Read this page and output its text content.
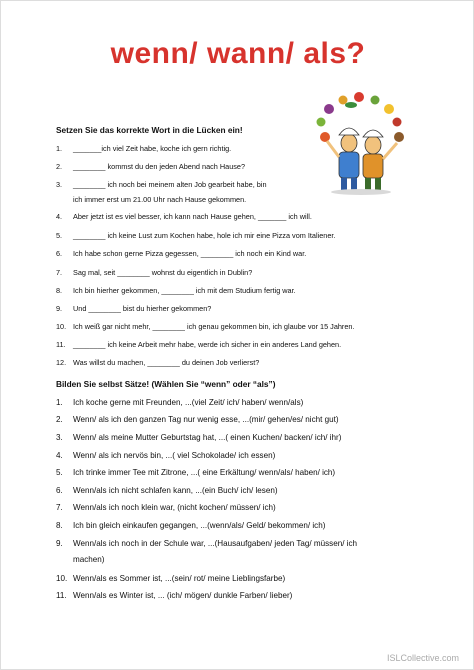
wenn/ wann/ als?
Setzen Sie das korrekte Wort in die Lücken ein!
1.	_______ich viel Zeit habe, koche ich gern richtig.
2.	________ kommst du den jeden Abend nach Hause?
3.	________ ich noch bei meinem alten Job gearbeit habe, bin
ich immer erst um 21.00 Uhr nach Hause gekommen.
4.	Aber jetzt ist es viel besser, ich kann nach Hause gehen, _______ ich will.
5.	________ ich keine Lust zum Kochen habe, hole ich mir eine Pizza vom Italiener.
6.	Ich habe schon gerne Pizza gegessen, ________ ich noch ein Kind war.
7.	Sag mal, seit ________ wohnst du eigentlich in Dublin?
8.	Ich bin hierher gekommen, ________ ich mit dem Studium fertig war.
9.	Und ________ bist du hierher gekommen?
10. Ich weiß gar nicht mehr, ________ ich genau gekommen bin, ich glaube vor 15 Jahren.
11.	________ ich keine Arbeit mehr habe, werde ich sicher in ein anderes Land gehen.
12. Was willst du machen, ________ du deinen Job verlierst?
Bilden Sie selbst Sätze! (Wählen Sie “wenn” oder “als”)
1.	Ich koche gerne mit Freunden, ...(viel Zeit/ ich/ haben/ wenn/als)
2.	Wenn/ als ich den ganzen Tag nur wenig esse, ...(mir/ gehen/es/ nicht gut)
3.	Wenn/ als meine Mutter Geburtstag hat, ...( einen Kuchen/ backen/ ich/ ihr)
4.	Wenn/ als ich nervös bin, ...( viel Schokolade/ ich essen)
5.	Ich trinke immer Tee mit Zitrone, ...( eine Erkältung/ wenn/als/ haben/ ich)
6.	Wenn/als ich nicht schlafen kann, ...(ein Buch/ ich/ lesen)
7.	Wenn/als ich noch klein war, (nicht kochen/ müssen/ ich)
8.	Ich bin gleich einkaufen gegangen, ...(wenn/als/ Geld/ bekommen/ ich)
9.	Wenn/als ich noch in der Schule war, ...(Hausaufgaben/ jeden Tag/ müssen/ ich
machen)
10. Wenn/als es Sommer ist, ...(sein/ rot/ meine Lieblingsfarbe)
11. Wenn/als es Winter ist, ... (ich/ mögen/ dunkle Farben/ lieber)
ISLCollective.com
